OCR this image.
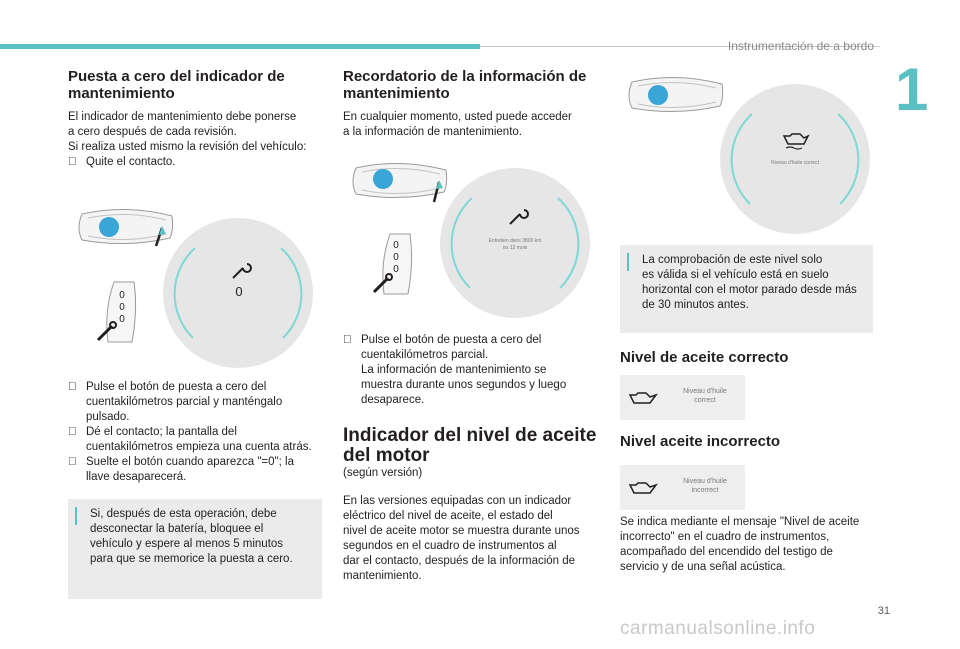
Instrumentación de a bordo
1
Puesta a cero del indicador de mantenimiento

El indicador de mantenimiento debe ponerse

a cero después de cada revisión.

Si realiza usted mismo la revisión del vehículo:

Quite el contacto.

0
0
0
0

Pulse el botón de puesta a cero del
cuentakilómetros parcial y manténgalo
pulsado.

Dé el contacto; la pantalla del
cuentakilómetros empieza una cuenta atrás.

Suelte el botón cuando aparezca "=0"; la
llave desaparecerá.

Si, después de esta operación, debe
desconectar la batería, bloquee el
vehículo y espere al menos 5 minutos
para que se memorice la puesta a cero.
Recordatorio de la información de mantenimiento

En cualquier momento, usted puede acceder

a la información de mantenimiento.

Entretien dans 3800 km
ou 12 mois
0
0
0

Pulse el botón de puesta a cero del
cuentakilómetros parcial.
La información de mantenimiento se
muestra durante unos segundos y luego
desaparece.

Indicador del nivel de aceite del motor

(según versión)

En las versiones equipadas con un indicador

eléctrico del nivel de aceite, el estado del

nivel de aceite motor se muestra durante unos

segundos en el cuadro de instrumentos al

dar el contacto, después de la información de

mantenimiento.

Niveau d'huile correct
La comprobación de este nivel solo
es válida si el vehículo está en suelo
horizontal con el motor parado desde más
de 30 minutos antes.
Nivel de aceite correcto
Niveau d'huile
correct
Nivel aceite incorrecto
Niveau d'huile
incorrect

Se indica mediante el mensaje "Nivel de aceite

incorrecto" en el cuadro de instrumentos,

acompañado del encendido del testigo de

servicio y de una señal acústica.

31
carmanualsonline.info
